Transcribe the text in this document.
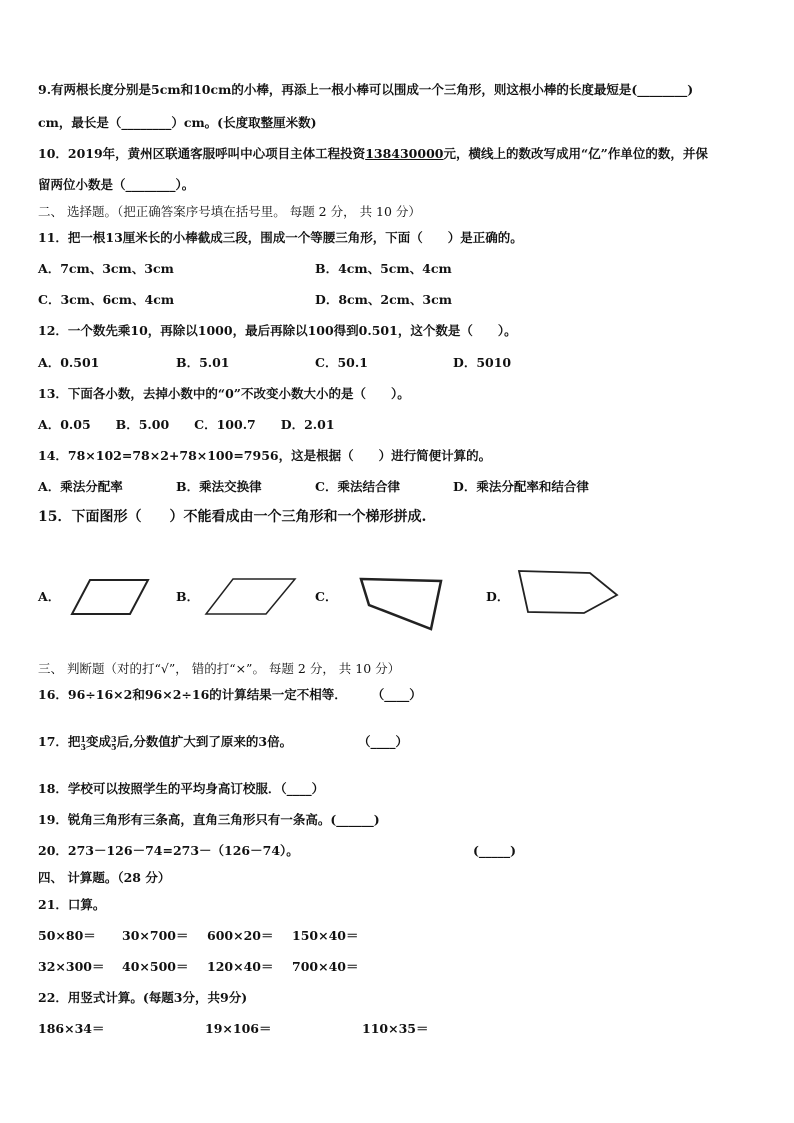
9.有两根长度分别是5cm和10cm的小棒，再添上一根小棒可以围成一个三角形，则这根小棒的长度最短是(________)
cm，最长是（________）cm。(长度取整厘米数)
10．2019年，黄州区联通客服呼叫中心项目主体工程投资138430000元，横线上的数改写成用“亿”作单位的数，并保
留两位小数是（________）。
二、 选择题。（把正确答案序号填在括号里。 每题 2 分， 共 10 分）
11．把一根13厘米长的小棒截成三段，围成一个等腰三角形，下面（　　）是正确的。
A．7cm、3cm、3cm	B．4cm、5cm、4cm
C．3cm、6cm、4cm	D．8cm、2cm、3cm
12．一个数先乘10，再除以1000，最后再除以100得到0.501，这个数是（　　）。
A．0.501	B．5.01	C．50.1	D．5010
13．下面各小数，去掉小数中的“0”不改变小数大小的是（　　）。
A．0.05　　B．5.00　　C．100.7　　D．2.01
14．78×102=78×2+78×100=7956，这是根据（　　）进行简便计算的。
A．乘法分配率	B．乘法交换律	C．乘法结合律	D．乘法分配率和结合律
15．下面图形（　　）不能看成由一个三角形和一个梯形拼成.
A．	B．	C．	D．
三、 判断题（对的打“√”， 错的打“×”。 每题 2 分， 共 10 分）
16．96÷16×2和96×2÷16的计算结果一定不相等．　　　（____）
17．把 1
3 变成 3
5 后,分数值扩大到了原来的3倍。	（____）
18．学校可以按照学生的平均身高订校服．（____）
19．锐角三角形有三条高，直角三角形只有一条高。(______)
20．273－126－74=273－（126－74）。	(_____)
四、 计算题。（28 分）
21．口算。
50×80＝ 30×700＝ 600×20＝ 150×40＝
32×300＝ 40×500＝ 120×40＝ 700×40＝
22．用竖式计算。(每题3分，共9分)
186×34＝	19×106＝	110×35＝
